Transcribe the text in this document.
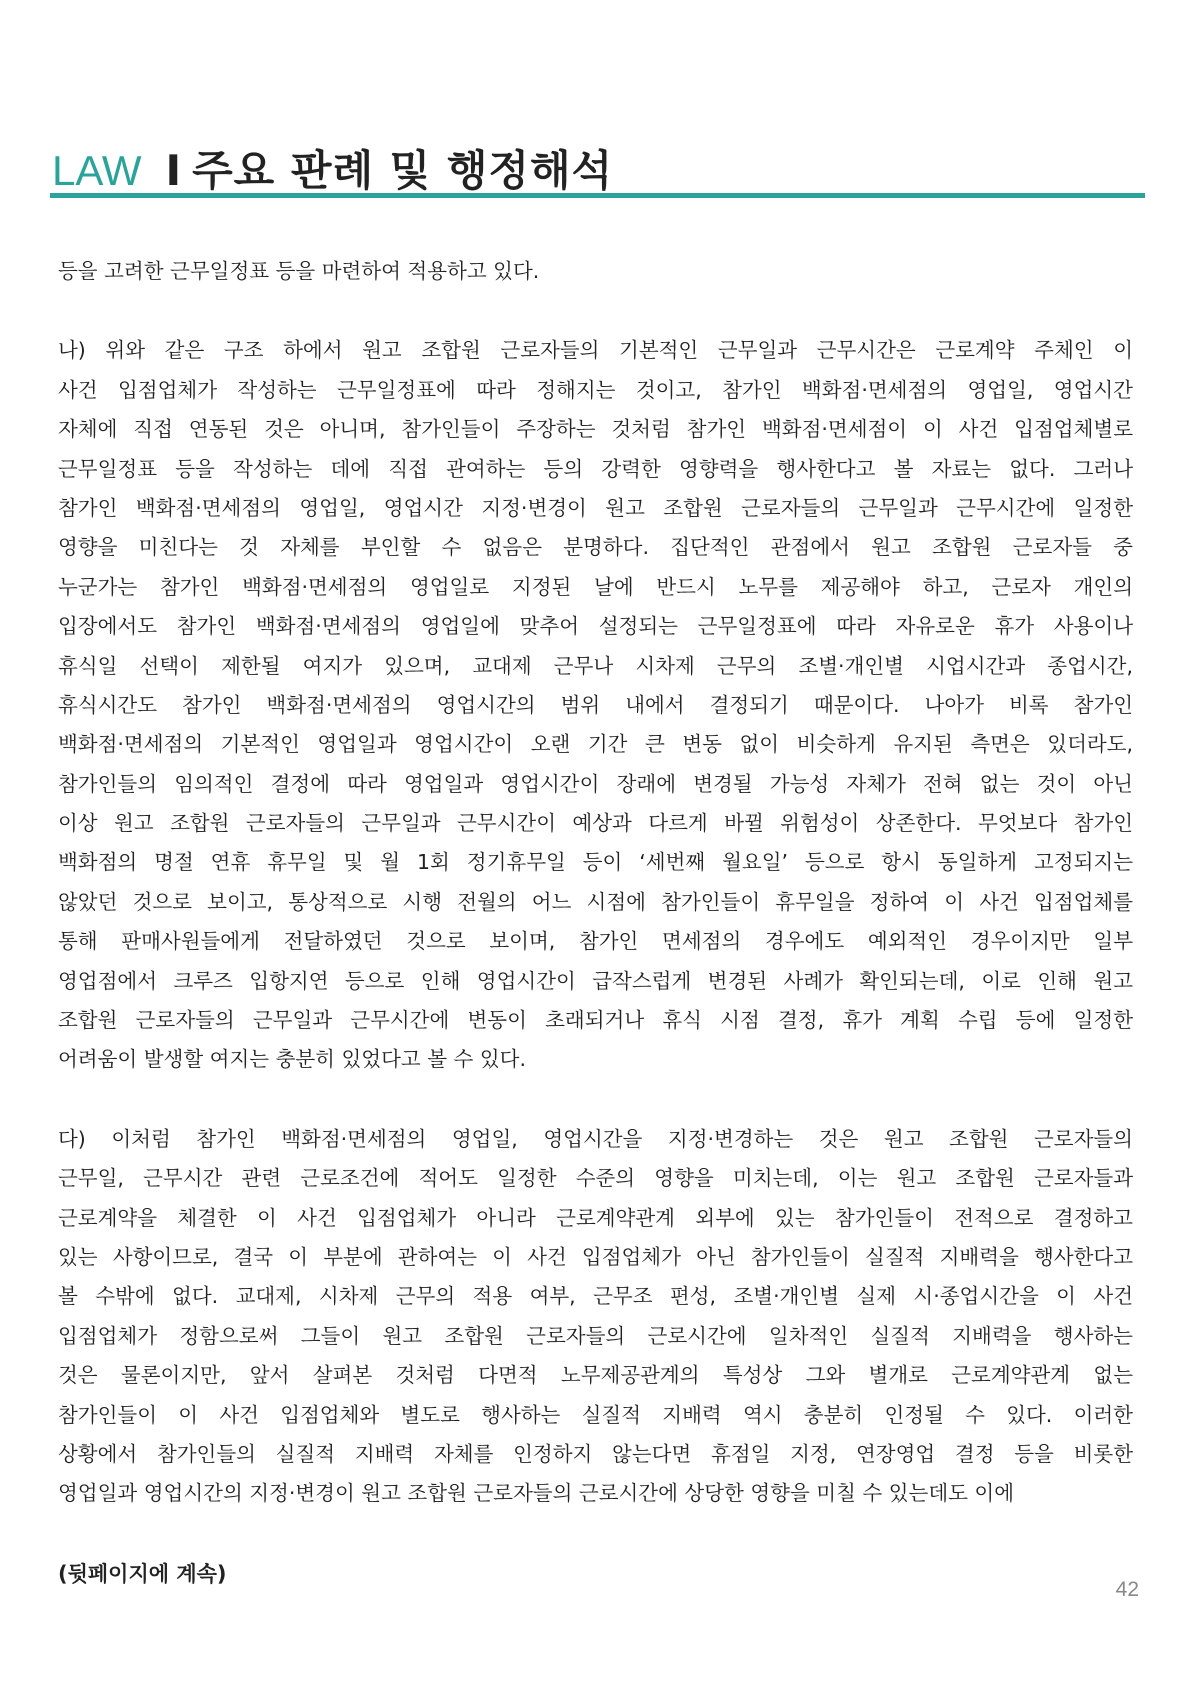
LAW I 주요 판례 및 행정해석
등을 고려한 근무일정표 등을 마련하여 적용하고 있다.
나) 위와 같은 구조 하에서 원고 조합원 근로자들의 기본적인 근무일과 근무시간은 근로계약 주체인 이
사건 입점업체가 작성하는 근무일정표에 따라 정해지는 것이고, 참가인 백화점·면세점의 영업일, 영업시간
자체에 직접 연동된 것은 아니며, 참가인들이 주장하는 것처럼 참가인 백화점·면세점이 이 사건 입점업체별로
근무일정표 등을 작성하는 데에 직접 관여하는 등의 강력한 영향력을 행사한다고 볼 자료는 없다. 그러나
참가인 백화점·면세점의 영업일, 영업시간 지정·변경이 원고 조합원 근로자들의 근무일과 근무시간에 일정한
영향을 미친다는 것 자체를 부인할 수 없음은 분명하다. 집단적인 관점에서 원고 조합원 근로자들 중
누군가는 참가인 백화점·면세점의 영업일로 지정된 날에 반드시 노무를 제공해야 하고, 근로자 개인의
입장에서도 참가인 백화점·면세점의 영업일에 맞추어 설정되는 근무일정표에 따라 자유로운 휴가 사용이나
휴식일 선택이 제한될 여지가 있으며, 교대제 근무나 시차제 근무의 조별·개인별 시업시간과 종업시간,
휴식시간도 참가인 백화점·면세점의 영업시간의 범위 내에서 결정되기 때문이다. 나아가 비록 참가인
백화점·면세점의 기본적인 영업일과 영업시간이 오랜 기간 큰 변동 없이 비슷하게 유지된 측면은 있더라도,
참가인들의 임의적인 결정에 따라 영업일과 영업시간이 장래에 변경될 가능성 자체가 전혀 없는 것이 아닌
이상 원고 조합원 근로자들의 근무일과 근무시간이 예상과 다르게 바뀔 위험성이 상존한다. 무엇보다 참가인
백화점의 명절 연휴 휴무일 및 월 1회 정기휴무일 등이 ‘세번째 월요일’ 등으로 항시 동일하게 고정되지는
않았던 것으로 보이고, 통상적으로 시행 전월의 어느 시점에 참가인들이 휴무일을 정하여 이 사건 입점업체를
통해 판매사원들에게 전달하였던 것으로 보이며, 참가인 면세점의 경우에도 예외적인 경우이지만 일부
영업점에서 크루즈 입항지연 등으로 인해 영업시간이 급작스럽게 변경된 사례가 확인되는데, 이로 인해 원고
조합원 근로자들의 근무일과 근무시간에 변동이 초래되거나 휴식 시점 결정, 휴가 계획 수립 등에 일정한
어려움이 발생할 여지는 충분히 있었다고 볼 수 있다.
다) 이처럼 참가인 백화점·면세점의 영업일, 영업시간을 지정·변경하는 것은 원고 조합원 근로자들의
근무일, 근무시간 관련 근로조건에 적어도 일정한 수준의 영향을 미치는데, 이는 원고 조합원 근로자들과
근로계약을 체결한 이 사건 입점업체가 아니라 근로계약관계 외부에 있는 참가인들이 전적으로 결정하고
있는 사항이므로, 결국 이 부분에 관하여는 이 사건 입점업체가 아닌 참가인들이 실질적 지배력을 행사한다고
볼 수밖에 없다. 교대제, 시차제 근무의 적용 여부, 근무조 편성, 조별·개인별 실제 시·종업시간을 이 사건
입점업체가 정함으로써 그들이 원고 조합원 근로자들의 근로시간에 일차적인 실질적 지배력을 행사하는
것은 물론이지만, 앞서 살펴본 것처럼 다면적 노무제공관계의 특성상 그와 별개로 근로계약관계 없는
참가인들이 이 사건 입점업체와 별도로 행사하는 실질적 지배력 역시 충분히 인정될 수 있다. 이러한
상황에서 참가인들의 실질적 지배력 자체를 인정하지 않는다면 휴점일 지정, 연장영업 결정 등을 비롯한
영업일과 영업시간의 지정·변경이 원고 조합원 근로자들의 근로시간에 상당한 영향을 미칠 수 있는데도 이에
(뒷페이지에 계속)
42
